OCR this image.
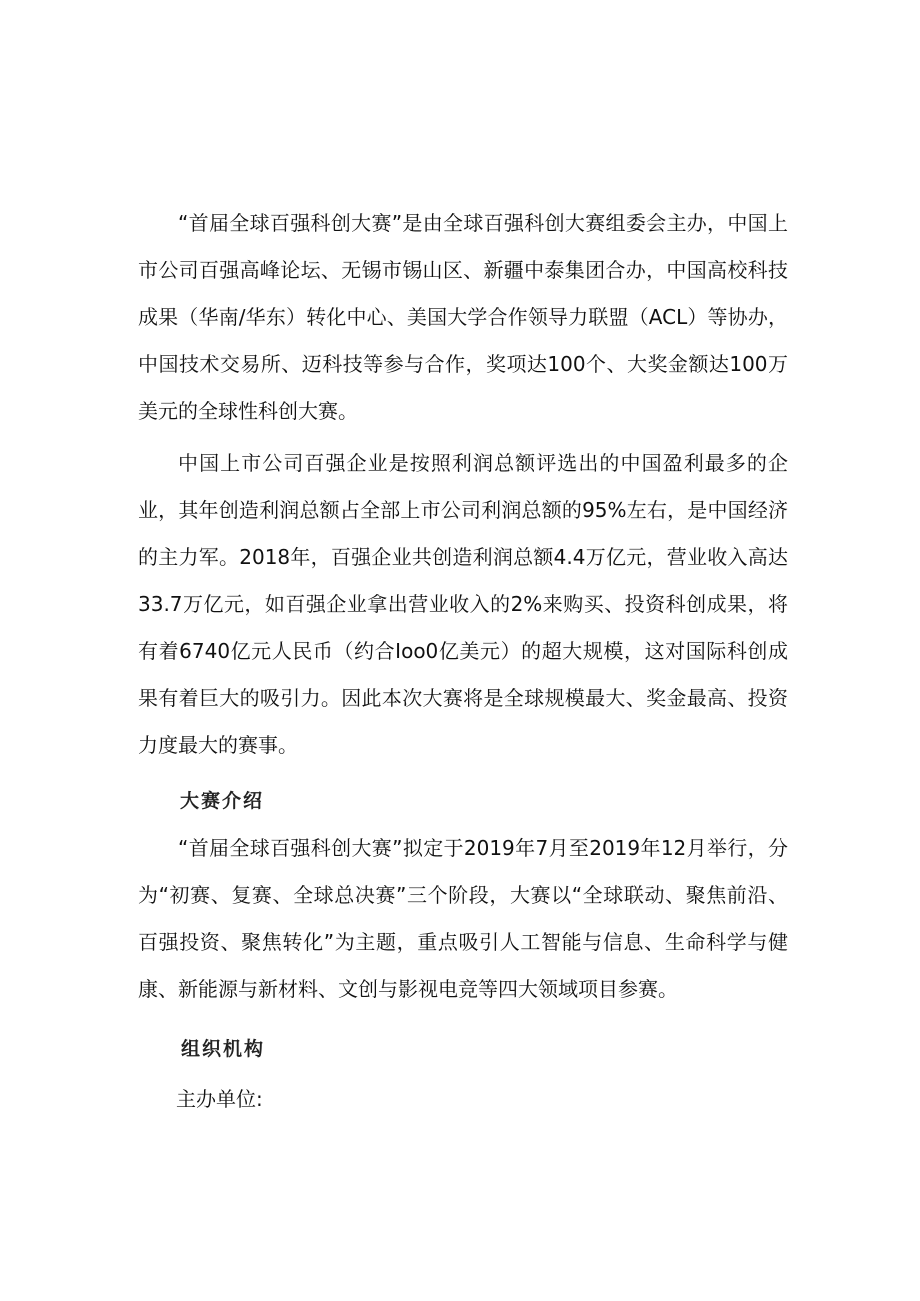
“首届全球百强科创大赛”是由全球百强科创大赛组委会主办，中国上市公司百强高峰论坛、无锡市锡山区、新疆中泰集团合办，中国高校科技成果（华南/华东）转化中心、美国大学合作领导力联盟（ACL）等协办，中国技术交易所、迈科技等参与合作，奖项达100个、大奖金额达100万美元的全球性科创大赛。

中国上市公司百强企业是按照利润总额评选出的中国盈利最多的企业，其年创造利润总额占全部上市公司利润总额的95%左右，是中国经济的主力军。2018年，百强企业共创造利润总额4.4万亿元，营业收入高达33.7万亿元，如百强企业拿出营业收入的2%来购买、投资科创成果，将有着6740亿元人民币（约合Ioo0亿美元）的超大规模，这对国际科创成果有着巨大的吸引力。因此本次大赛将是全球规模最大、奖金最高、投资力度最大的赛事。

大赛介绍

“首届全球百强科创大赛”拟定于2019年7月至2019年12月举行，分为“初赛、复赛、全球总决赛”三个阶段，大赛以“全球联动、聚焦前沿、百强投资、聚焦转化”为主题，重点吸引人工智能与信息、生命科学与健康、新能源与新材料、文创与影视电竞等四大领域项目参赛。

组织机构

主办单位:
